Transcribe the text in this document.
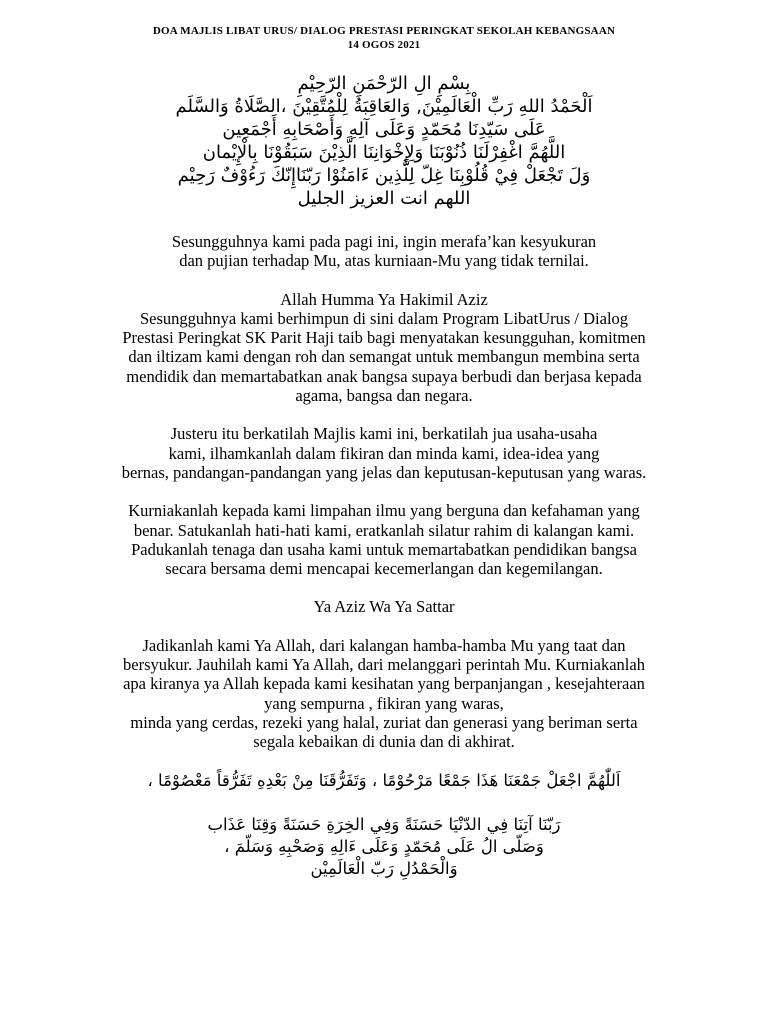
DOA MAJLIS LIBAT URUS/ DIALOG PRESTASI PERINGKAT SEKOLAH KEBANGSAAN
14 OGOS 2021
بِسْمِ الِ الرّحْمَنِ الرّحِيْمِ
اَلْحَمْدُ اللهِ رَبِّ الْعَالَمِيْنَ, وَالعَاقِبَةُ لِلْمُتَّقِيْنَ ،الصَّلَاةُ وَالسَّلَم
عَلَى سَيّدِنَا مُحَمّدٍ وَعَلَى آلِهِ وَأَصْحَابِهِ أَجْمَعِين
اللَّهُمَّ اغْفِرْلَنَا ذُنُوْبَنَا وَلِإِخْوَانِنَا الَّذِيْنَ سَبَقُوْنَا بِالْإِيْمان
وَلَ تَجْعَلْ فِيْ قُلُوْبِنَا غِلّ لِلَّذِين ءَامَنُوْا رَبّنَاإِنّكَ رَءُوْفٌ رَحِيْم
اللهم انت العزيز الجليل
Sesungguhnya kami pada pagi ini, ingin merafa’kan kesyukuran
dan pujian terhadap Mu, atas kurniaan-Mu yang tidak ternilai.
Allah Humma Ya Hakimil Aziz
Sesungguhnya kami berhimpun di sini dalam Program LibatUrus / Dialog
Prestasi Peringkat SK Parit Haji taib bagi menyatakan kesungguhan, komitmen
dan iltizam kami dengan roh dan semangat untuk membangun membina serta
mendidik dan memartabatkan anak bangsa supaya berbudi dan berjasa kepada
agama, bangsa dan negara.
Justeru itu berkatilah Majlis kami ini, berkatilah jua usaha-usaha
kami, ilhamkanlah dalam fikiran dan minda kami, idea-idea yang
bernas, pandangan-pandangan yang jelas dan keputusan-keputusan yang waras.
Kurniakanlah kepada kami limpahan ilmu yang berguna dan kefahaman yang
benar. Satukanlah hati-hati kami, eratkanlah silatur rahim di kalangan kami.
Padukanlah tenaga dan usaha kami untuk memartabatkan pendidikan bangsa
secara bersama demi mencapai kecemerlangan dan kegemilangan.
Ya Aziz Wa Ya Sattar
Jadikanlah kami Ya Allah, dari kalangan hamba-hamba Mu yang taat dan
bersyukur. Jauhilah kami Ya Allah, dari melanggari perintah Mu. Kurniakanlah
apa kiranya ya Allah kepada kami kesihatan yang berpanjangan , kesejahteraan
yang sempurna , fikiran yang waras,
minda yang cerdas, rezeki yang halal, zuriat dan generasi yang beriman serta
segala kebaikan di dunia dan di akhirat.
اَللّٰهُمَّ اجْعَلْ جَمْعَنَا هَذَا جَمْعًا مَرْحُوْمًا ، وَتَفَرُّقَنَا مِنْ بَعْدِهِ تَفَرُّقاً مَعْصُوْمًا ،
رَبّنَا آتِنَا فِي الدّنْيَا حَسَنَةً وَفِي الخِرَةِ حَسَنَةً وَقِنَا عَذَاب
وَصَلّى الُ عَلَى مُحَمّدٍ وَعَلَى ءَالِهِ وَصَحْبِهِ وَسَلّمَ ،
وَالْحَمْدُلِ رَبّ الْعَالَمِيْن
